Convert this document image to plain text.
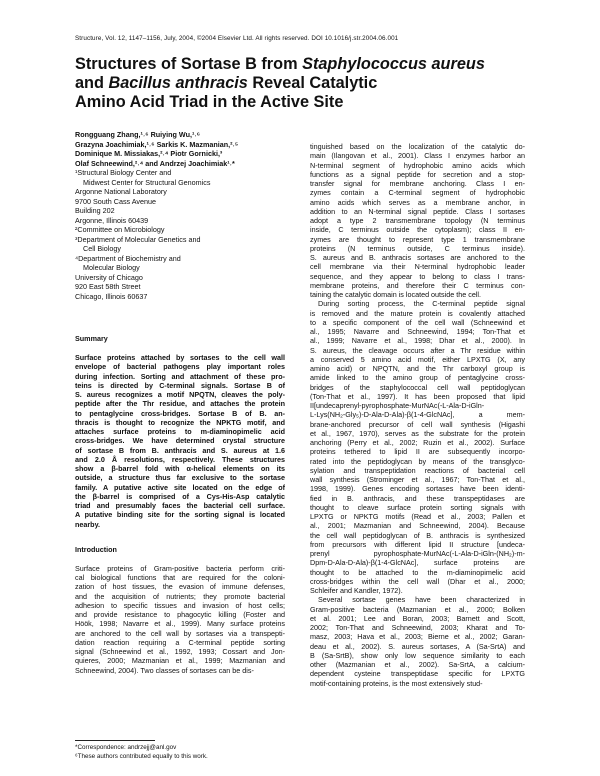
Structure, Vol. 12, 1147–1156, July, 2004, ©2004 Elsevier Ltd. All rights reserved. DOI 10.1016/j.str.2004.06.001
Structures of Sortase B from Staphylococcus aureus
and Bacillus anthracis Reveal Catalytic
Amino Acid Triad in the Active Site
Rongguang Zhang,¹˒⁶ Ruiying Wu,¹˒⁶
Grazyna Joachimiak,¹˒⁶ Sarkis K. Mazmanian,²˒⁵
Dominique M. Missiakas,²˒⁴ Piotr Gornicki,³
Olaf Schneewind,²˒⁴ and Andrzej Joachimiak¹˒*
¹Structural Biology Center and
Midwest Center for Structural Genomics
Argonne National Laboratory
9700 South Cass Avenue
Building 202
Argonne, Illinois 60439
²Committee on Microbiology
³Department of Molecular Genetics and
Cell Biology
⁴Department of Biochemistry and
Molecular Biology
University of Chicago
920 East 58th Street
Chicago, Illinois 60637
Summary
Surface proteins attached by sortases to the cell wall
envelope of bacterial pathogens play important roles
during infection. Sorting and attachment of these pro-
teins is directed by C-terminal signals. Sortase B of
S. aureus recognizes a motif NPQTN, cleaves the poly-
peptide after the Thr residue, and attaches the protein
to pentaglycine cross-bridges. Sortase B of B. an-
thracis is thought to recognize the NPKTG motif, and
attaches surface proteins to m-diaminopimelic acid
cross-bridges. We have determined crystal structure
of sortase B from B. anthracis and S. aureus at 1.6
and 2.0 Å resolutions, respectively. These structures
show a β-barrel fold with α-helical elements on its
outside, a structure thus far exclusive to the sortase
family. A putative active site located on the edge of
the β-barrel is comprised of a Cys-His-Asp catalytic
triad and presumably faces the bacterial cell surface.
A putative binding site for the sorting signal is located
nearby.
Introduction
Surface proteins of Gram-positive bacteria perform criti-
cal biological functions that are required for the coloni-
zation of host tissues, the evasion of immune defenses,
and the acquisition of nutrients; they promote bacterial
adhesion to specific tissues and invasion of host cells;
and provide resistance to phagocytic killing (Foster and
Höök, 1998; Navarre et al., 1999). Many surface proteins
are anchored to the cell wall by sortases via a transpepti-
dation reaction requiring a C-terminal peptide sorting
signal (Schneewind et al., 1992, 1993; Cossart and Jon-
quieres, 2000; Mazmanian et al., 1999; Mazmanian and
Schneewind, 2004). Two classes of sortases can be dis-
tinguished based on the localization of the catalytic do-
main (Ilangovan et al., 2001). Class I enzymes harbor an
N-terminal segment of hydrophobic amino acids which
functions as a signal peptide for secretion and a stop-
transfer signal for membrane anchoring. Class I en-
zymes contain a C-terminal segment of hydrophobic
amino acids which serves as a membrane anchor, in
addition to an N-terminal signal peptide. Class I sortases
adopt a type 2 transmembrane topology (N terminus
inside, C terminus outside the cytoplasm); class II en-
zymes are thought to represent type 1 transmembrane
proteins (N terminus outside, C terminus inside).
S. aureus and B. anthracis sortases are anchored to the
cell membrane via their N-terminal hydrophobic leader
sequence, and they appear to belong to class I trans-
membrane proteins, and therefore their C terminus con-
taining the catalytic domain is located outside the cell.
During sorting process, the C-terminal peptide signal
is removed and the mature protein is covalently attached
to a specific component of the cell wall (Schneewind et
al., 1995; Navarre and Schneewind, 1994; Ton-That et
al., 1999; Navarre et al., 1998; Dhar et al., 2000). In
S. aureus, the cleavage occurs after a Thr residue within
a conserved 5 amino acid motif, either LPXTG (X, any
amino acid) or NPQTN, and the Thr carboxyl group is
amide linked to the amino group of pentaglycine cross-
bridges of the staphylococcal cell wall peptidoglycan
(Ton-That et al., 1997). It has been proposed that lipid
II[undecaprenyl-pyrophosphate-MurNAc(-L-Ala-D-iGln-
L-Lys(NH₂-Gly₅)-D-Ala-D-Ala)-β(1-4-GlcNAc], a mem-
brane-anchored precursor of cell wall synthesis (Higashi
et al., 1967, 1970), serves as the substrate for the protein
anchoring (Perry et al., 2002; Ruzin et al., 2002). Surface
proteins tethered to lipid II are subsequently incorpo-
rated into the peptidoglycan by means of the transglyco-
sylation and transpeptidation reactions of bacterial cell
wall synthesis (Strominger et al., 1967; Ton-That et al.,
1998, 1999). Genes encoding sortases have been identi-
fied in B. anthracis, and these transpeptidases are
thought to cleave surface protein sorting signals with
LPXTG or NPKTG motifs (Read et al., 2003; Pallen et
al., 2001; Mazmanian and Schneewind, 2004). Because
the cell wall peptidoglycan of B. anthracis is synthesized
from precursors with different lipid II structure [undeca-
prenyl pyrophosphate-MurNAc(-L-Ala-D-iGln-(NH₂)-m-
Dpm-D-Ala-D-Ala)-β(1-4-GlcNAc], surface proteins are
thought to be attached to the m-diaminopimelic acid
cross-bridges within the cell wall (Dhar et al., 2000;
Schleifer and Kandler, 1972).
Several sortase genes have been characterized in
Gram-positive bacteria (Mazmanian et al., 2000; Bolken
et al. 2001; Lee and Boran, 2003; Barnett and Scott,
2002; Ton-That and Schneewind, 2003; Kharat and To-
masz, 2003; Hava et al., 2003; Bierne et al., 2002; Garan-
deau et al., 2002). S. aureus sortases, A (Sa-SrtA) and
B (Sa-SrtB), show only low sequence similarity to each
other (Mazmanian et al., 2002). Sa-SrtA, a calcium-
dependent cysteine transpeptidase specific for LPXTG
motif-containing proteins, is the most extensively stud-
*Correspondence: andrzejj@anl.gov
⁶These authors contributed equally to this work.
